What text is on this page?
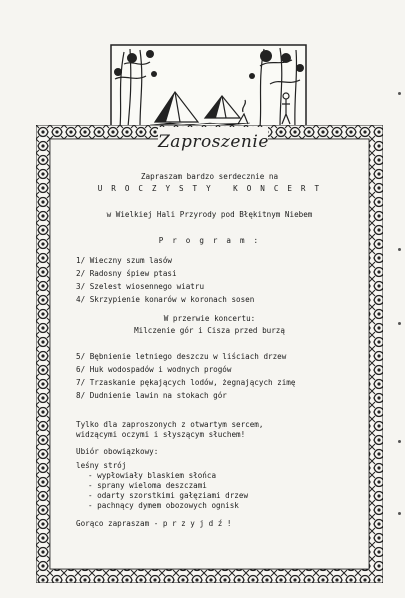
Zaproszenie
Zapraszam bardzo serdecznie na
U R O C Z Y S T Y   K O N C E R T
w Wielkiej Hali Przyrody pod Błękitnym Niebem
P r o g r a m :
1/ Wieczny szum lasów
2/ Radosny śpiew ptasi
3/ Szelest wiosennego wiatru
4/ Skrzypienie konarów w koronach sosen
W przerwie koncertu:
Milczenie gór i Cisza przed burzą
5/ Bębnienie letniego deszczu w liściach drzew
6/ Huk wodospadów i wodnych progów
7/ Trzaskanie pękających lodów, żegnających zimę
8/ Dudnienie lawin na stokach gór
Tylko dla zaproszonych z otwartym sercem,
widzącymi oczymi i słyszącym słuchem!
Ubiór obowiązkowy:
leśny strój
- wypłowiały blaskiem słońca
- sprany wieloma deszczami
- odarty szorstkimi gałęziami drzew
- pachnący dymem obozowych ognisk
Gorąco zapraszam - p r z y j d ź !
